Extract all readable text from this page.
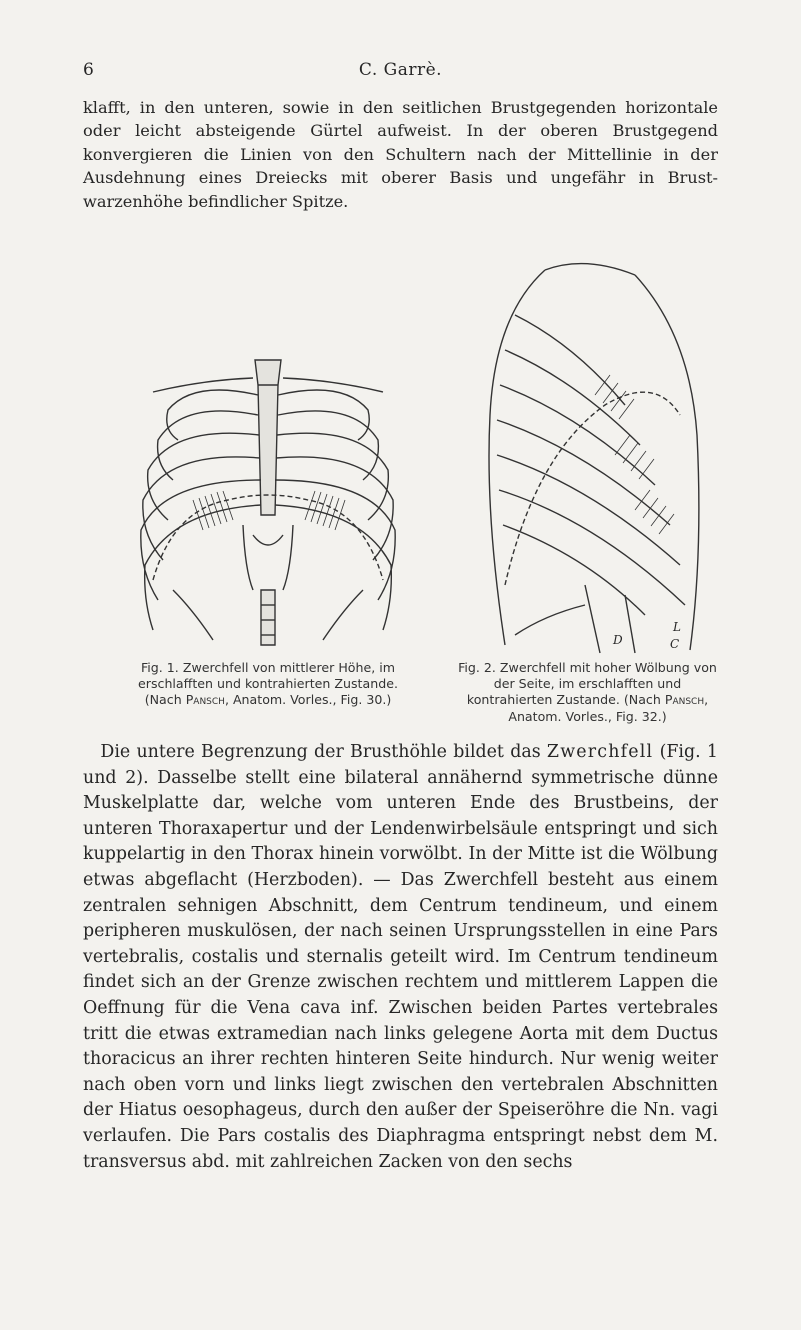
6	C. Garrè.
klafft, in den unteren, sowie in den seitlichen Brustgegenden horizontale oder leicht absteigende Gürtel aufweist. In der oberen Brustgegend konvergieren die Linien von den Schultern nach der Mittellinie in der Ausdehnung eines Dreiecks mit oberer Basis und ungefähr in Brustwarzenhöhe befindlicher Spitze.
D
L
C
Fig. 1. Zwerchfell von mittlerer Höhe, im erschlafften und kontrahierten Zustande. (Nach Pansch, Anatom. Vorles., Fig. 30.)
Fig. 2. Zwerchfell mit hoher Wölbung von der Seite, im erschlafften und kontrahierten Zustande. (Nach Pansch, Anatom. Vorles., Fig. 32.)

 Die untere Begrenzung der Brusthöhle bildet das Zwerchfell (Fig. 1 und 2). Dasselbe stellt eine bilateral annähernd symmetrische dünne Muskelplatte dar, welche vom unteren Ende des Brustbeins, der unteren Thoraxapertur und der Lendenwirbelsäule entspringt und sich kuppelartig in den Thorax hinein vorwölbt. In der Mitte ist die Wölbung etwas abgeflacht (Herzboden). — Das Zwerchfell besteht aus einem zentralen sehnigen Abschnitt, dem Centrum tendineum, und einem peripheren muskulösen, der nach seinen Ursprungsstellen in eine Pars vertebralis, costalis und sternalis geteilt wird. Im Centrum tendineum findet sich an der Grenze zwischen rechtem und mittlerem Lappen die Oeffnung für die Vena cava inf. Zwischen beiden Partes vertebrales tritt die etwas extramedian nach links gelegene Aorta mit dem Ductus thoracicus an ihrer rechten hinteren Seite hindurch. Nur wenig weiter nach oben vorn und links liegt zwischen den vertebralen Abschnitten der Hiatus oesophageus, durch den außer der Speiseröhre die Nn. vagi verlaufen. Die Pars costalis des Diaphragma entspringt nebst dem M. transversus abd. mit zahlreichen Zacken von den sechs
